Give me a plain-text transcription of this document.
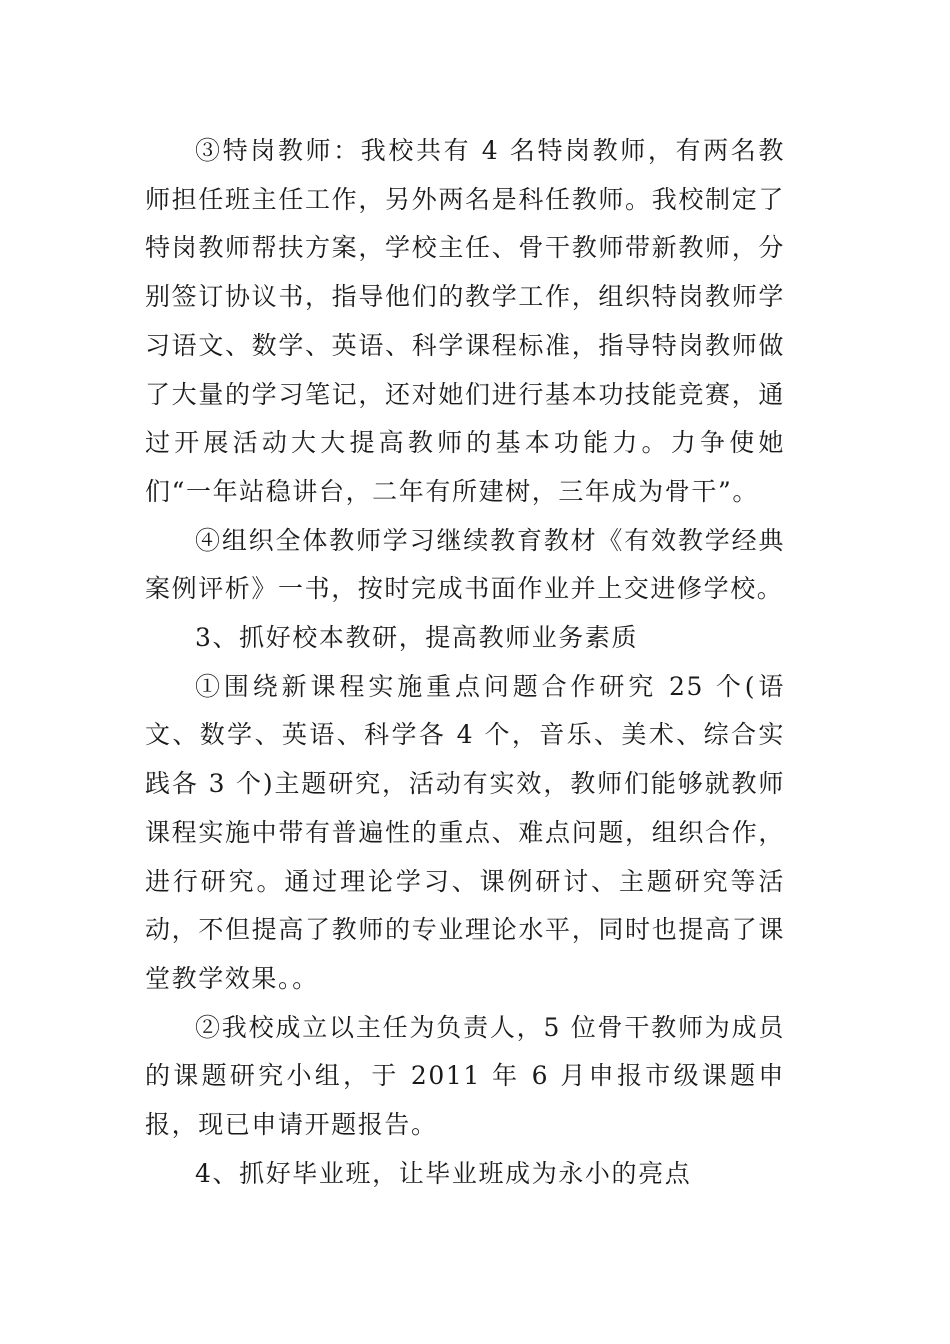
③特岗教师：我校共有 4 名特岗教师，有两名教师担任班主任工作，另外两名是科任教师。我校制定了特岗教师帮扶方案，学校主任、骨干教师带新教师，分别签订协议书，指导他们的教学工作，组织特岗教师学习语文、数学、英语、科学课程标准，指导特岗教师做了大量的学习笔记，还对她们进行基本功技能竞赛，通过开展活动大大提高教师的基本功能力。力争使她们“一年站稳讲台，二年有所建树，三年成为骨干”。

④组织全体教师学习继续教育教材《有效教学经典案例评析》一书，按时完成书面作业并上交进修学校。

3、抓好校本教研，提高教师业务素质

①围绕新课程实施重点问题合作研究 25 个(语文、数学、英语、科学各 4 个，音乐、美术、综合实践各 3 个)主题研究，活动有实效，教师们能够就教师课程实施中带有普遍性的重点、难点问题，组织合作，进行研究。通过理论学习、课例研讨、主题研究等活动，不但提高了教师的专业理论水平，同时也提高了课堂教学效果。。

②我校成立以主任为负责人，5 位骨干教师为成员的课题研究小组，于 2011 年 6 月申报市级课题申报，现已申请开题报告。

4、抓好毕业班，让毕业班成为永小的亮点
